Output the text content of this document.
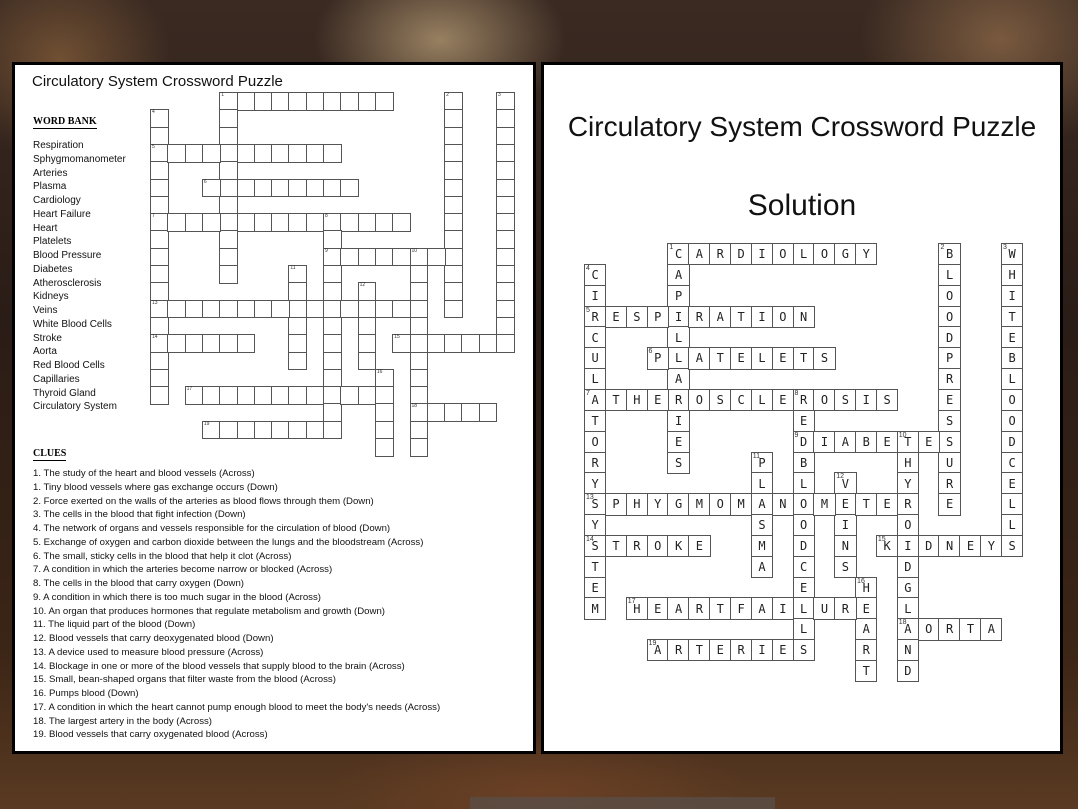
Circulatory System Crossword Puzzle
WORD BANK
Respiration
Sphygmomanometer
Arteries
Plasma
Cardiology
Heart Failure
Heart
Platelets
Blood Pressure
Diabetes
Atherosclerosis
Kidneys
Veins
White Blood Cells
Stroke
Aorta
Red Blood Cells
Capillaries
Thyroid Gland
Circulatory System
CLUES
1. The study of the heart and blood vessels (Across)
1. Tiny blood vessels where gas exchange occurs (Down)
2. Force exerted on the walls of the arteries as blood flows through them (Down)
3. The cells in the blood that fight infection (Down)
4. The network of organs and vessels responsible for the circulation of blood (Down)
5. Exchange of oxygen and carbon dioxide between the lungs and the bloodstream (Across)
6. The small, sticky cells in the blood that help it clot (Across)
7. A condition in which the arteries become narrow or blocked (Across)
8. The cells in the blood that carry oxygen (Down)
9. A condition in which there is too much sugar in the blood (Across)
10. An organ that produces hormones that regulate metabolism and growth (Down)
11. The liquid part of the blood (Down)
12. Blood vessels that carry deoxygenated blood (Down)
13. A device used to measure blood pressure (Across)
14. Blockage in one or more of the blood vessels that supply blood to the brain (Across)
15. Small, bean-shaped organs that filter waste from the blood (Across)
16. Pumps blood (Down)
17. A condition in which the heart cannot pump enough blood to meet the body's needs (Across)
18. The largest artery in the body (Across)
19. Blood vessels that carry oxygenated blood (Across)
1	2	3
4
5
7
13
14
6
8
9	10
18
11
12
15
16
17
19
Circulatory System Crossword Puzzle
Solution
1 C	A	R	D	I	O	L	O	G	Y
A
P
I
L
L
A
R
I
E
S
2 B
L
O
O
D
P
R
E
S
S
U
R
E
3 W
H
I
T
E
B
L
O
O
D
C
E
L
L
S
4 C
I
5 R
C
U
L
7 A
T
O
R
Y
13
S
Y
14
S
T
E
M
E	S	P	R	A	T	I	O	N
6 P	A	T	E	L	E	T	S
T	H	E	O	S	C	L	E	8 R	O	S	I	S
E
9 D
B
L
O
O
D
C
E
L
L
S
I	A	B	E	10
T	E
H
Y
R
O
I
D
G
L
18
A
N
D
11
P
L
A
S
M
A
12
V
E
I
N
S
P	H	Y	G	M	O	M	N	M	T	E
T	R	O	K	E	15
K	D	N	E	Y
16
H
E
A
R
T
17
H	E	A	R	T	F	A	I	U	R
O	R	T	A
19
A	R	T	E	R	I	E
